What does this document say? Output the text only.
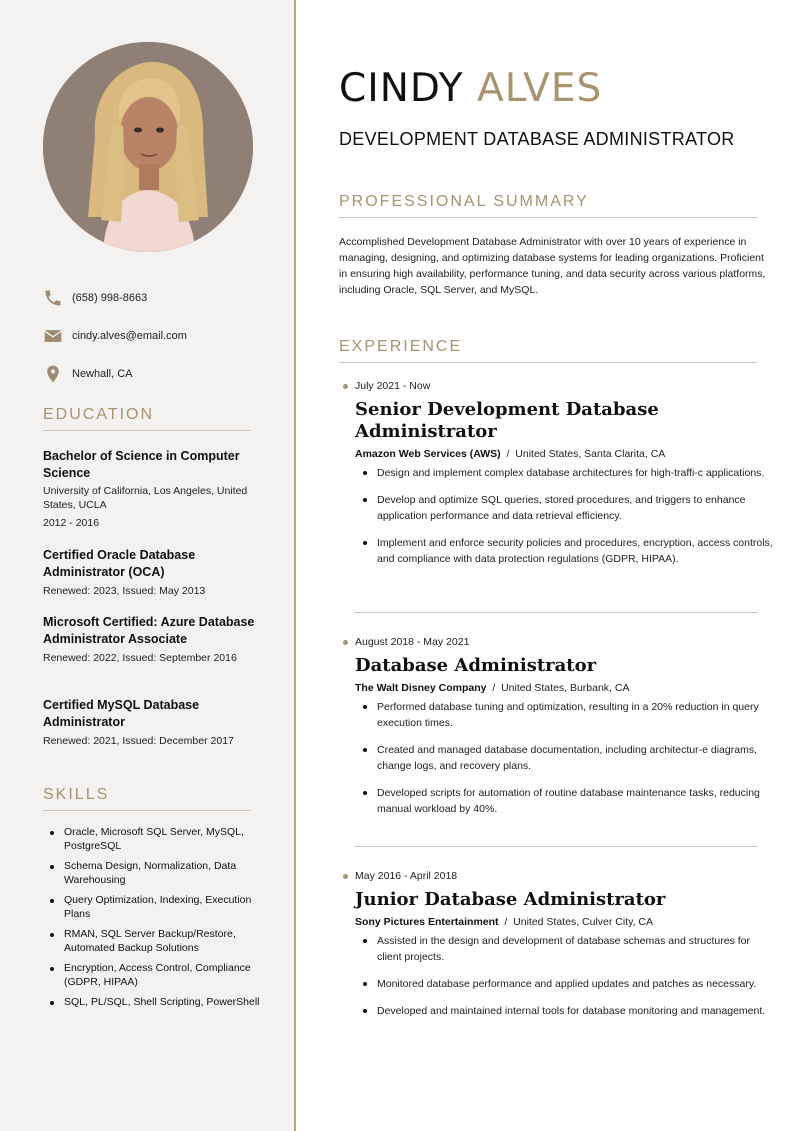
(658) 998-8663
cindy.alves@email.com
Newhall, CA
EDUCATION
Bachelor of Science in Computer Science
University of California, Los Angeles, United States, UCLA
2012 - 2016
Certified Oracle Database Administrator (OCA)
Renewed: 2023, Issued: May 2013
Microsoft Certified: Azure Database Administrator Associate
Renewed: 2022, Issued: September 2016
Certified MySQL Database Administrator
Renewed: 2021, Issued: December 2017
SKILLS
Oracle, Microsoft SQL Server, MySQL, PostgreSQL
Schema Design, Normalization, Data Warehousing
Query Optimization, Indexing, Execution Plans
RMAN, SQL Server Backup/Restore, Automated Backup Solutions
Encryption, Access Control, Compliance (GDPR, HIPAA)
SQL, PL/SQL, Shell Scripting, PowerShell
CINDY ALVES
DEVELOPMENT DATABASE ADMINISTRATOR
PROFESSIONAL SUMMARY

Accomplished Development Database Administrator with over 10 years of experience in managing, designing, and optimizing database systems for leading organizations. Proficient in ensuring high availability, performance tuning, and data security across various platforms, including Oracle, SQL Server, and MySQL.

EXPERIENCE
July 2021 - Now
Senior Development Database Administrator
Amazon Web Services (AWS) / United States, Santa Clarita, CA
Design and implement complex database architectures for high-traffi-c applications.
Develop and optimize SQL queries, stored procedures, and triggers to enhance application performance and data retrieval efficiency.
Implement and enforce security policies and procedures, encryption, access controls, and compliance with data protection regulations (GDPR, HIPAA).
August 2018 - May 2021
Database Administrator
The Walt Disney Company / United States, Burbank, CA
Performed database tuning and optimization, resulting in a 20% reduction in query execution times.
Created and managed database documentation, including architectur-e diagrams, change logs, and recovery plans.
Developed scripts for automation of routine database maintenance tasks, reducing manual workload by 40%.
May 2016 - April 2018
Junior Database Administrator
Sony Pictures Entertainment / United States, Culver City, CA
Assisted in the design and development of database schemas and structures for client projects.
Monitored database performance and applied updates and patches as necessary.
Developed and maintained internal tools for database monitoring and management.
